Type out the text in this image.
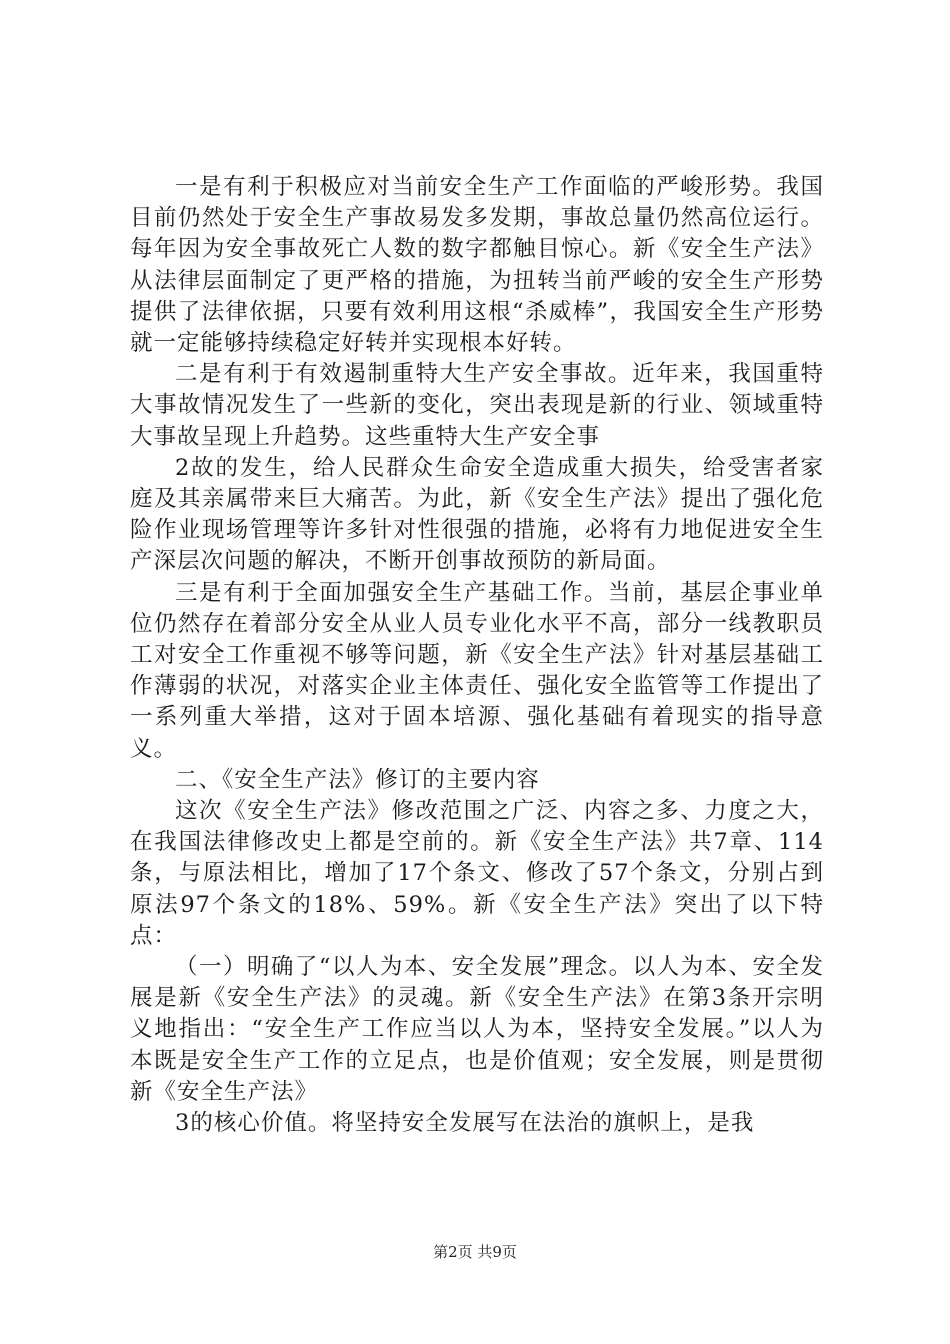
一是有利于积极应对当前安全生产工作面临的严峻形势。我国目前仍然处于安全生产事故易发多发期，事故总量仍然高位运行。每年因为安全事故死亡人数的数字都触目惊心。新《安全生产法》从法律层面制定了更严格的措施，为扭转当前严峻的安全生产形势提供了法律依据，只要有效利用这根“杀威棒”，我国安全生产形势就一定能够持续稳定好转并实现根本好转。

二是有利于有效遏制重特大生产安全事故。近年来，我国重特大事故情况发生了一些新的变化，突出表现是新的行业、领域重特大事故呈现上升趋势。这些重特大生产安全事

2故的发生，给人民群众生命安全造成重大损失，给受害者家庭及其亲属带来巨大痛苦。为此，新《安全生产法》提出了强化危险作业现场管理等许多针对性很强的措施，必将有力地促进安全生产深层次问题的解决，不断开创事故预防的新局面。

三是有利于全面加强安全生产基础工作。当前，基层企事业单位仍然存在着部分安全从业人员专业化水平不高，部分一线教职员工对安全工作重视不够等问题，新《安全生产法》针对基层基础工作薄弱的状况，对落实企业主体责任、强化安全监管等工作提出了一系列重大举措，这对于固本培源、强化基础有着现实的指导意义。

二、《安全生产法》修订的主要内容

这次《安全生产法》修改范围之广泛、内容之多、力度之大，在我国法律修改史上都是空前的。新《安全生产法》共7章、114条，与原法相比，增加了17个条文、修改了57个条文，分别占到原法97个条文的18%、59%。新《安全生产法》突出了以下特点：

（一）明确了“以人为本、安全发展”理念。以人为本、安全发展是新《安全生产法》的灵魂。新《安全生产法》在第3条开宗明义地指出：“安全生产工作应当以人为本，坚持安全发展。”以人为本既是安全生产工作的立足点，也是价值观；安全发展，则是贯彻新《安全生产法》

3的核心价值。将坚持安全发展写在法治的旗帜上，是我

第2页 共9页
